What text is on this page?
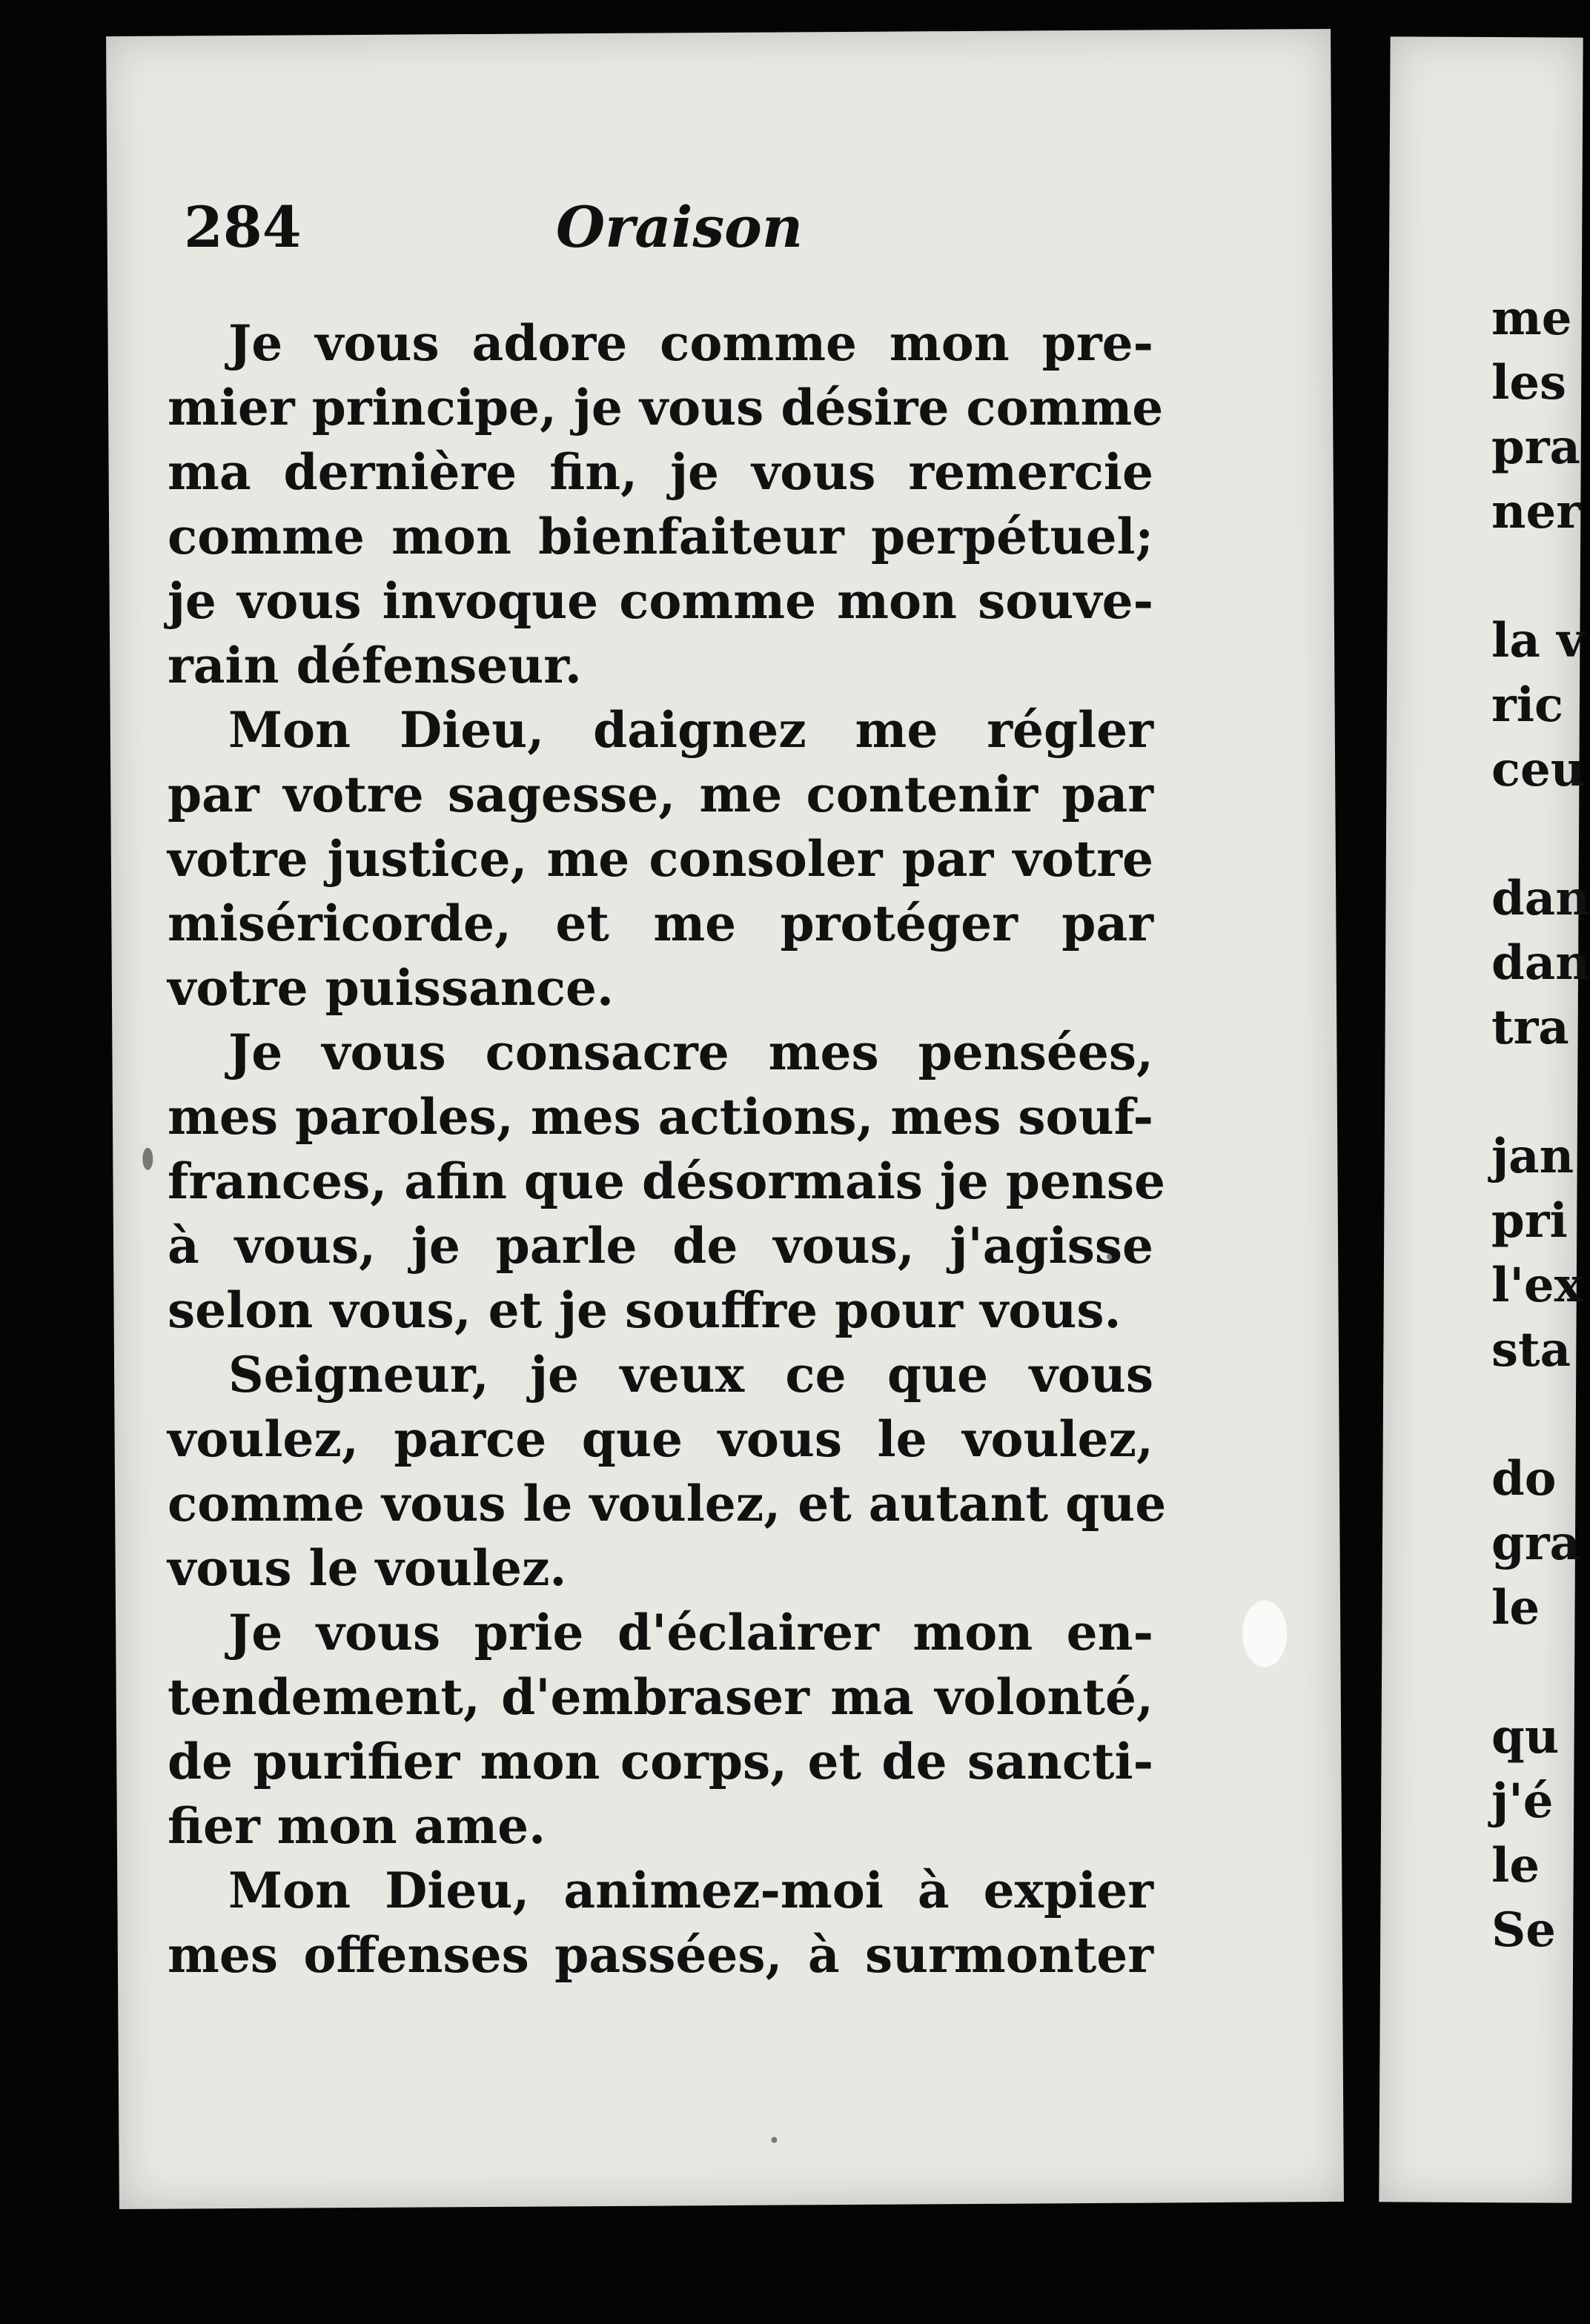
284	Oraison
Je vous adore comme mon pre-
mier principe, je vous désire comme
ma dernière fin, je vous remercie
comme mon bienfaiteur perpétuel;
je vous invoque comme mon souve-
rain défenseur.
Mon Dieu, daignez me régler
par votre sagesse, me contenir par
votre justice, me consoler par votre
miséricorde, et me protéger par
votre puissance.
Je vous consacre mes pensées,
mes paroles, mes actions, mes souf-
frances, afin que désormais je pense
à vous, je parle de vous, j'agisse
selon vous, et je souffre pour vous.
Seigneur, je veux ce que vous
voulez, parce que vous le voulez,
comme vous le voulez, et autant que
vous le voulez.
Je vous prie d'éclairer mon en-
tendement, d'embraser ma volonté,
de purifier mon corps, et de sancti-
fier mon ame.
Mon Dieu, animez-moi à expier
mes offenses passées, à surmonter
me
les
pra
ner
la v
ric
ceu
dan
dan
tra
jan
pri
l'ex
sta
do
gra
le
qu
j'é
le
Se
